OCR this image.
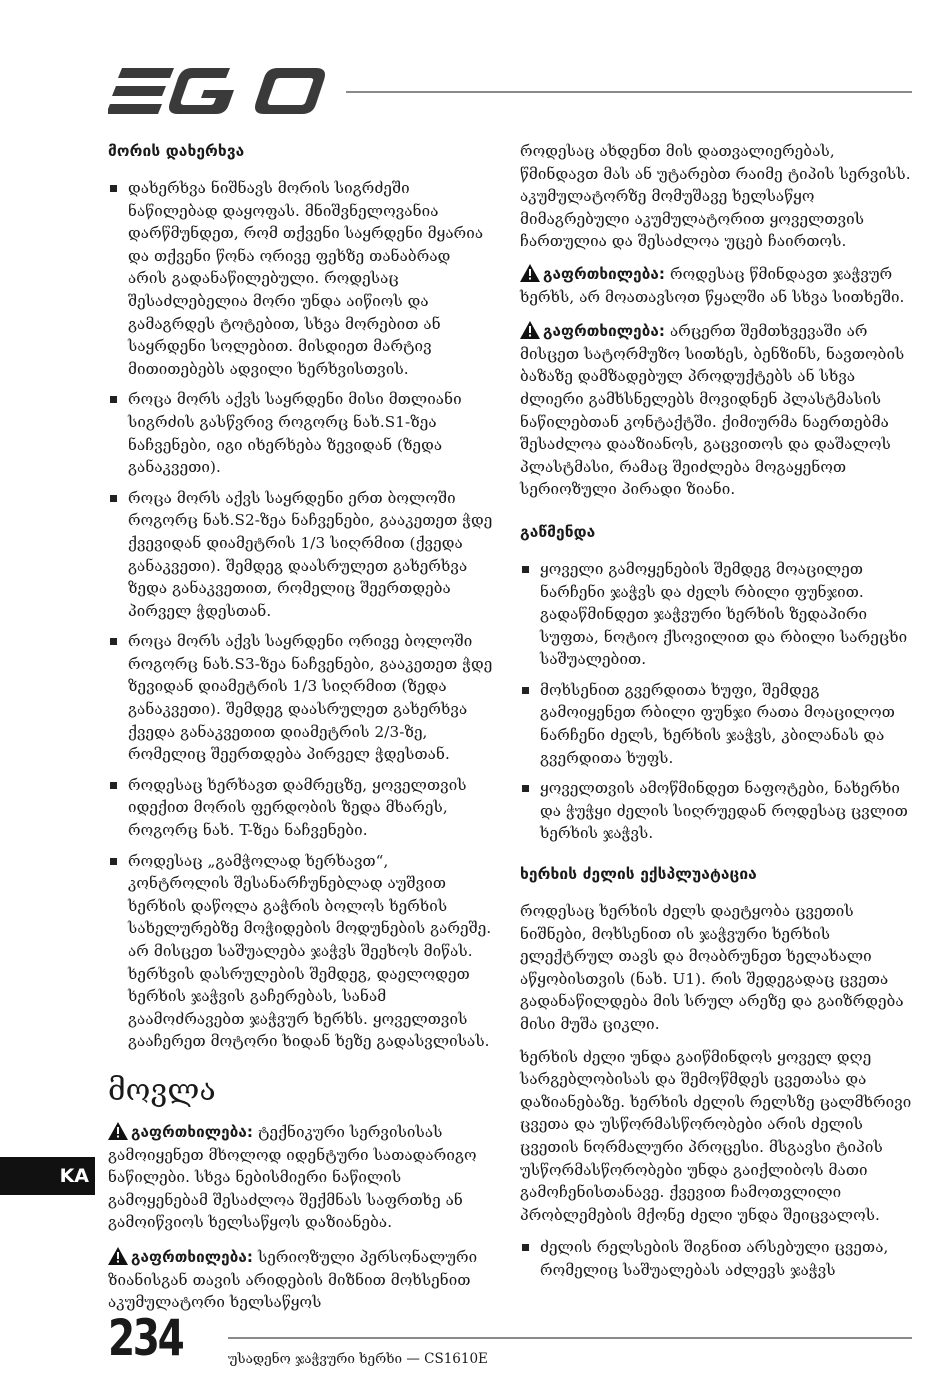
მორის დახერხვა
დახერხვა ნიშნავს მორის სიგრძეში ნაწილებად დაყოფას. მნიშვნელოვანია დარწმუნდეთ, რომ თქვენი საყრდენი მყარია და თქვენი წონა ორივე ფეხზე თანაბრად არის გადანაწილებული. როდესაც შესაძლებელია მორი უნდა აიწიოს და გამაგრდეს ტოტებით, სხვა მორებით ან საყრდენი სოლებით. მისდიეთ მარტივ მითითებებს ადვილი ხერხვისთვის.
როცა მორს აქვს საყრდენი მისი მთლიანი სიგრძის გასწვრივ როგორც ნახ.S1-ზეა ნაჩვენები, იგი იხერხება ზევიდან (ზედა განაკვეთი).
როცა მორს აქვს საყრდენი ერთ ბოლოში როგორც ნახ.S2-ზეა ნაჩვენები, გააკეთეთ ჭდე ქვევიდან დიამეტრის 1/3 სიღრმით (ქვედა განაკვეთი). შემდეგ დაასრულეთ გახერხვა ზედა განაკვეთით, რომელიც შეერთდება პირველ ჭდესთან.
როცა მორს აქვს საყრდენი ორივე ბოლოში როგორც ნახ.S3-ზეა ნაჩვენები, გააკეთეთ ჭდე ზევიდან დიამეტრის 1/3 სიღრმით (ზედა განაკვეთი). შემდეგ დაასრულეთ გახერხვა ქვედა განაკვეთით დიამეტრის 2/3-ზე, რომელიც შეერთდება პირველ ჭდესთან.
როდესაც ხერხავთ დამრეცზე, ყოველთვის იდექით მორის ფერდობის ზედა მხარეს, როგორც ნახ. T-ზეა ნაჩვენები.
როდესაც „გამჭოლად ხერხავთ“, კონტროლის შესანარჩუნებლად აუშვით ხერხის დაწოლა გაჭრის ბოლოს ხერხის სახელურებზე მოჭიდების მოდუნების გარეშე. არ მისცეთ საშუალება ჯაჭვს შეეხოს მიწას. ხერხვის დასრულების შემდეგ, დაელოდეთ ხერხის ჯაჭვის გაჩერებას, სანამ გაამოძრავებთ ჯაჭვურ ხერხს. ყოველთვის გააჩერეთ მოტორი ხიდან ხეზე გადასვლისას.
მოვლა

გაფრთხილება: ტექნიკური სერვისისას გამოიყენეთ მხოლოდ იდენტური სათადარიგო ნაწილები. სხვა ნებისმიერი ნაწილის გამოყენებამ შესაძლოა შექმნას საფრთხე ან გამოიწვიოს ხელსაწყოს დაზიანება.

გაფრთხილება: სერიოზული პერსონალური ზიანისგან თავის არიდების მიზნით მოხსენით აკუმულატორი ხელსაწყოს

როდესაც ახდენთ მის დათვალიერებას, წმინდავთ მას ან უტარებთ რაიმე ტიპის სერვისს. აკუმულატორზე მომუშავე ხელსაწყო მიმაგრებული აკუმულატორით ყოველთვის ჩართულია და შესაძლოა უცებ ჩაირთოს.

გაფრთხილება: როდესაც წმინდავთ ჯაჭვურ ხერხს, არ მოათავსოთ წყალში ან სხვა სითხეში.

გაფრთხილება: არცერთ შემთხვევაში არ მისცეთ სატორმუზო სითხეს, ბენზინს, ნავთობის ბაზაზე დამზადებულ პროდუქტებს ან სხვა ძლიერი გამხსნელებს მოვიდნენ პლასტმასის ნაწილებთან კონტაქტში. ქიმიურმა ნაერთებმა შესაძლოა დააზიანოს, გაცვითოს და დაშალოს პლასტმასი, რამაც შეიძლება მოგაყენოთ სერიოზული პირადი ზიანი.

გაწმენდა
ყოველი გამოყენების შემდეგ მოაცილეთ ნარჩენი ჯაჭვს და ძელს რბილი ფუნჯით. გადაწმინდეთ ჯაჭვური ხერხის ზედაპირი სუფთა, ნოტიო ქსოვილით და რბილი სარეცხი საშუალებით.
მოხსენით გვერდითა ხუფი, შემდეგ გამოიყენეთ რბილი ფუნჯი რათა მოაცილოთ ნარჩენი ძელს, ხერხის ჯაჭვს, კბილანას და გვერდითა ხუფს.
ყოველთვის ამოწმინდეთ ნაფოტები, ნახერხი და ჭუჭყი ძელის სიღრუედან როდესაც ცვლით ხერხის ჯაჭვს.
ხერხის ძელის ექსპლუატაცია

როდესაც ხერხის ძელს დაეტყობა ცვეთის ნიშნები, მოხსენით ის ჯაჭვური ხერხის ელექტრულ თავს და მოაბრუნეთ ხელახალი აწყობისთვის (ნახ. U1). რის შედეგადაც ცვეთა გადანაწილდება მის სრულ არეზე და გაიზრდება მისი მუშა ციკლი.

ხერხის ძელი უნდა გაიწმინდოს ყოველ დღე სარგებლობისას და შემოწმდეს ცვეთასა და დაზიანებაზე. ხერხის ძელის რელსზე ცალმხრივი ცვეთა და უსწორმასწორობები არის ძელის ცვეთის ნორმალური პროცესი. მსგავსი ტიპის უსწორმასწორობები უნდა გაიქლიბოს მათი გამოჩენისთანავე. ქვევით ჩამოთვლილი პრობლემების მქონე ძელი უნდა შეიცვალოს.

ძელის რელსების შიგნით არსებული ცვეთა, რომელიც საშუალებას აძლევს ჯაჭვს
KA
234	უსადენო ჯაჭვური ხერხი — CS1610E
